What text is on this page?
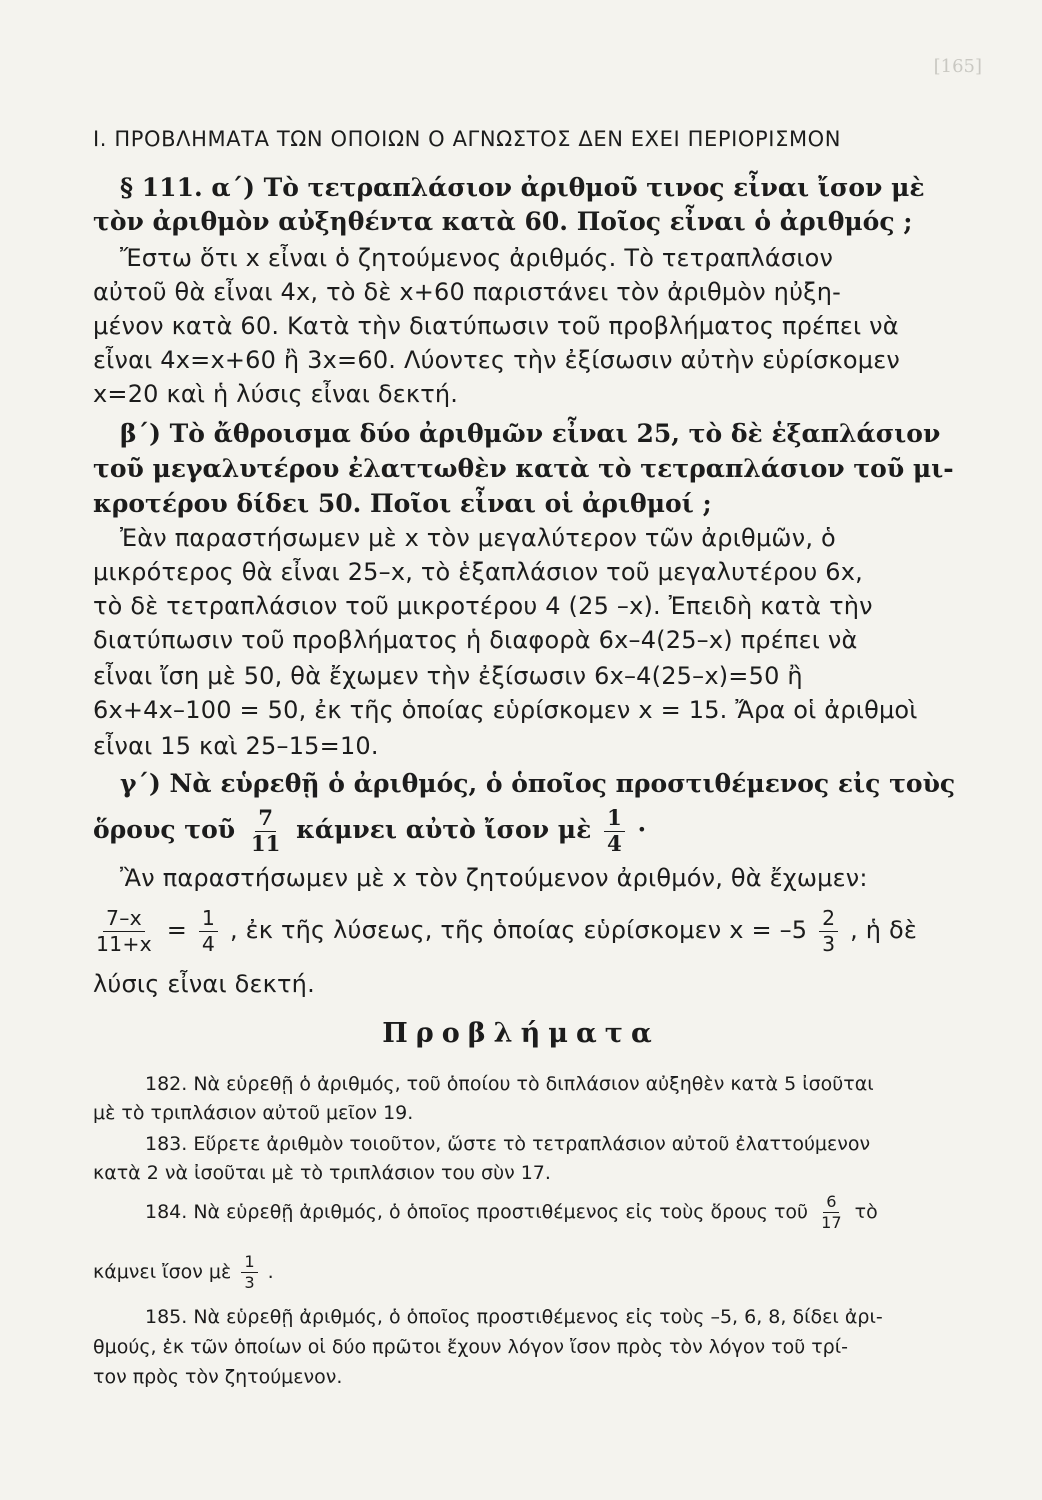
[165]
Ι. ΠΡΟΒΛΗΜΑΤΑ ΤΩΝ ΟΠΟΙΩΝ Ο ΑΓΝΩΣΤΟΣ ΔΕΝ ΕΧΕΙ ΠΕΡΙΟΡΙΣΜΟΝ
§ 111. α΄) Τὸ τετραπλάσιον ἀριθμοῦ τινος εἶναι ἴσον μὲ
τὸν ἀριθμὸν αὐξηθέντα κατὰ 60. Ποῖος εἶναι ὁ ἀριθμός ;
Ἔστω ὅτι x εἶναι ὁ ζητούμενος ἀριθμός. Τὸ τετραπλάσιον
αὐτοῦ θὰ εἶναι 4x, τὸ δὲ x+60 παριστάνει τὸν ἀριθμὸν ηὐξη-
μένον κατὰ 60. Κατὰ τὴν διατύπωσιν τοῦ προβλήματος πρέπει νὰ
εἶναι 4x=x+60 ἢ 3x=60. Λύοντες τὴν ἐξίσωσιν αὐτὴν εὑρίσκομεν
x=20 καὶ ἡ λύσις εἶναι δεκτή.
β΄) Τὸ ἄθροισμα δύο ἀριθμῶν εἶναι 25, τὸ δὲ ἑξαπλάσιον
τοῦ μεγαλυτέρου ἐλαττωθὲν κατὰ τὸ τετραπλάσιον τοῦ μι-
κροτέρου δίδει 50. Ποῖοι εἶναι οἱ ἀριθμοί ;
Ἐὰν παραστήσωμεν μὲ x τὸν μεγαλύτερον τῶν ἀριθμῶν, ὁ
μικρότερος θὰ εἶναι 25–x, τὸ ἑξαπλάσιον τοῦ μεγαλυτέρου 6x,
τὸ δὲ τετραπλάσιον τοῦ μικροτέρου 4 (25 –x). Ἐπειδὴ κατὰ τὴν
διατύπωσιν τοῦ προβλήματος ἡ διαφορὰ 6x–4(25–x) πρέπει νὰ
εἶναι ἴση μὲ 50, θὰ ἔχωμεν τὴν ἐξίσωσιν 6x–4(25–x)=50 ἢ
6x+4x–100 = 50, ἐκ τῆς ὁποίας εὑρίσκομεν x = 15. Ἄρα οἱ ἀριθμοὶ
εἶναι 15 καὶ 25–15=10.
γ΄) Νὰ εὑρεθῇ ὁ ἀριθμός, ὁ ὁποῖος προστιθέμενος εἰς τοὺς
ὅρους τοῦ $\frac{7}{11}$ κάμνει αὐτὸ ἴσον μὲ $\frac{1}{4}$ ·
Ἂν παραστήσωμεν μὲ x τὸν ζητούμενον ἀριθμόν, θὰ ἔχωμεν:
$\frac{7-x}{11+x} = \frac{1}{4}$ , ἐκ τῆς λύσεως, τῆς ὁποίας εὑρίσκομεν $x = -5 \frac{2}{3}$ , ἡ δὲ
λύσις εἶναι δεκτή.
Προβλήματα
182. Νὰ εὑρεθῇ ὁ ἀριθμός, τοῦ ὁποίου τὸ διπλάσιον αὐξηθὲν κατὰ 5 ἰσοῦται
μὲ τὸ τριπλάσιον αὐτοῦ μεῖον 19.
183. Εὕρετε ἀριθμὸν τοιοῦτον, ὥστε τὸ τετραπλάσιον αὐτοῦ ἐλαττούμενον
κατὰ 2 νὰ ἰσοῦται μὲ τὸ τριπλάσιον του σὺν 17.
184. Νὰ εὑρεθῇ ἀριθμός, ὁ ὁποῖος προστιθέμενος εἰς τοὺς ὅρους τοῦ $\frac{6}{17}$ τὸ
κάμνει ἴσον μὲ $\frac{1}{3}$ .
185. Νὰ εὑρεθῇ ἀριθμός, ὁ ὁποῖος προστιθέμενος εἰς τοὺς –5, 6, 8, δίδει ἀρι-
θμούς, ἐκ τῶν ὁποίων οἱ δύο πρῶτοι ἔχουν λόγον ἴσον πρὸς τὸν λόγον τοῦ τρί-
τον πρὸς τὸν ζητούμενον.
